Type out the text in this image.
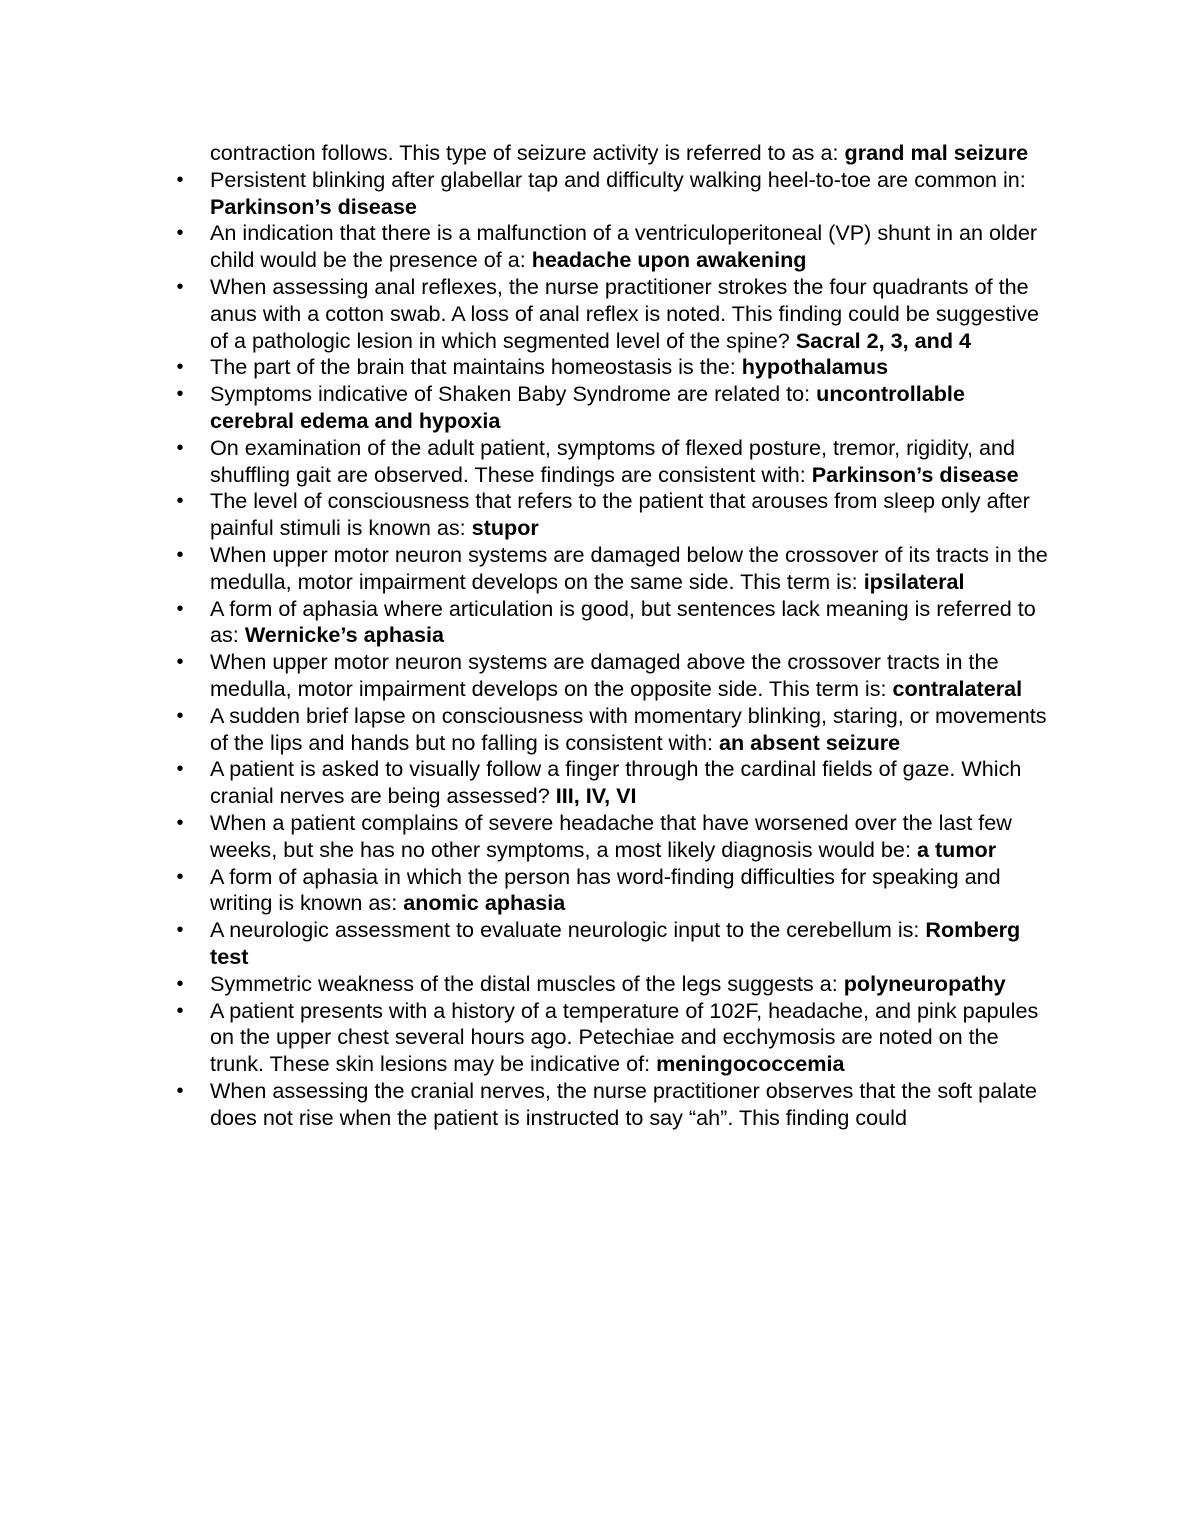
contraction follows. This type of seizure activity is referred to as a: grand mal seizure
• Persistent blinking after glabellar tap and difficulty walking heel-to-toe are common in: Parkinson’s disease
• An indication that there is a malfunction of a ventriculoperitoneal (VP) shunt in an older child would be the presence of a: headache upon awakening
• When assessing anal reflexes, the nurse practitioner strokes the four quadrants of the anus with a cotton swab. A loss of anal reflex is noted. This finding could be suggestive of a pathologic lesion in which segmented level of the spine? Sacral 2, 3, and 4
• The part of the brain that maintains homeostasis is the: hypothalamus
• Symptoms indicative of Shaken Baby Syndrome are related to: uncontrollable cerebral edema and hypoxia
• On examination of the adult patient, symptoms of flexed posture, tremor, rigidity, and shuffling gait are observed. These findings are consistent with: Parkinson’s disease
• The level of consciousness that refers to the patient that arouses from sleep only after painful stimuli is known as: stupor
• When upper motor neuron systems are damaged below the crossover of its tracts in the medulla, motor impairment develops on the same side. This term is: ipsilateral
• A form of aphasia where articulation is good, but sentences lack meaning is referred to as: Wernicke’s aphasia
• When upper motor neuron systems are damaged above the crossover tracts in the medulla, motor impairment develops on the opposite side. This term is: contralateral
• A sudden brief lapse on consciousness with momentary blinking, staring, or movements of the lips and hands but no falling is consistent with: an absent seizure
• A patient is asked to visually follow a finger through the cardinal fields of gaze. Which cranial nerves are being assessed? III, IV, VI
• When a patient complains of severe headache that have worsened over the last few weeks, but she has no other symptoms, a most likely diagnosis would be: a tumor
• A form of aphasia in which the person has word-finding difficulties for speaking and writing is known as: anomic aphasia
• A neurologic assessment to evaluate neurologic input to the cerebellum is: Romberg test
• Symmetric weakness of the distal muscles of the legs suggests a: polyneuropathy
• A patient presents with a history of a temperature of 102F, headache, and pink papules on the upper chest several hours ago. Petechiae and ecchymosis are noted on the trunk. These skin lesions may be indicative of: meningococcemia
• When assessing the cranial nerves, the nurse practitioner observes that the soft palate does not rise when the patient is instructed to say “ah”. This finding could
